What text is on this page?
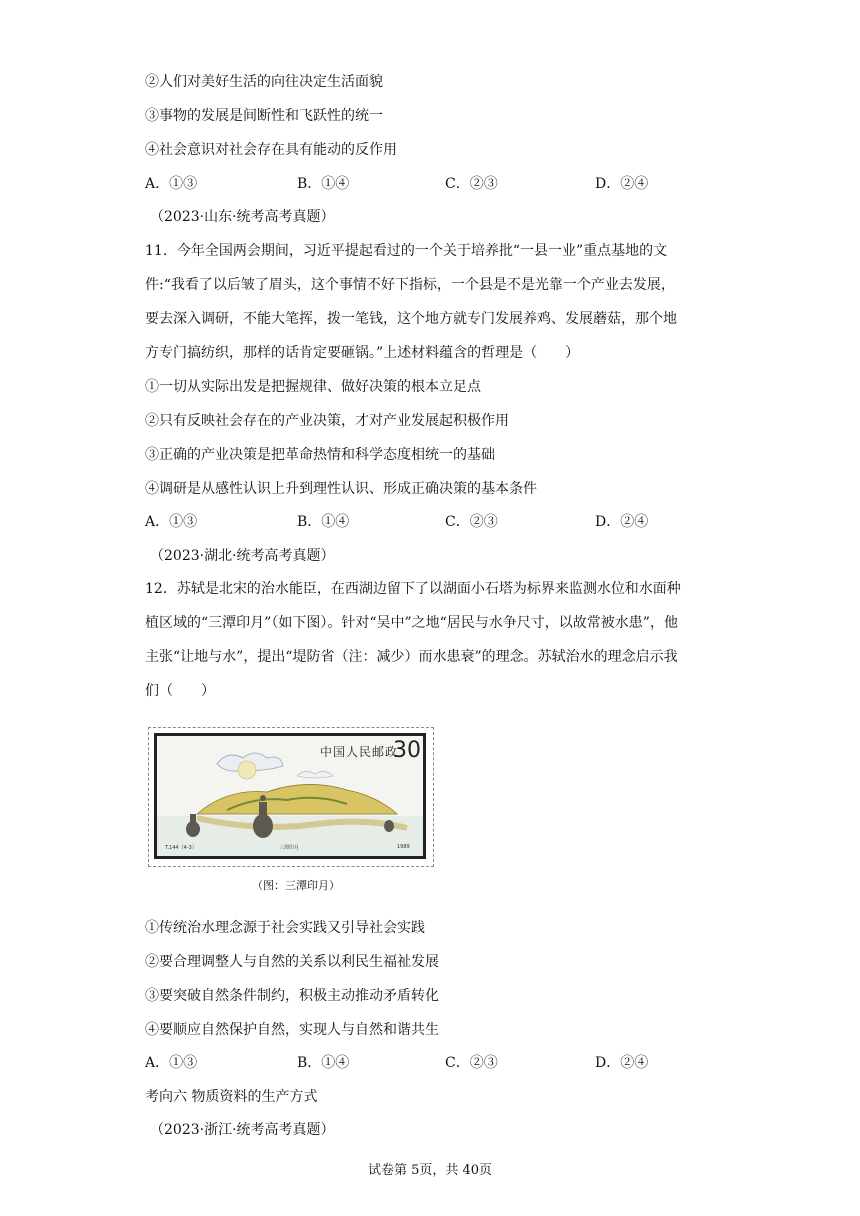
②人们对美好生活的向往决定生活面貌
③事物的发展是间断性和飞跃性的统一
④社会意识对社会存在具有能动的反作用
A．①③	B．①④	C．②③	D．②④
（2023·山东·统考高考真题）
11．今年全国两会期间，习近平提起看过的一个关于培养批“一县一业”重点基地的文
件:“我看了以后皱了眉头，这个事情不好下指标，一个县是不是光靠一个产业去发展，
要去深入调研，不能大笔挥，拨一笔钱，这个地方就专门发展养鸡、发展蘑菇，那个地
方专门搞纺织，那样的话肯定要砸锅。”上述材料蕴含的哲理是（　　）
①一切从实际出发是把握规律、做好决策的根本立足点
②只有反映社会存在的产业决策，才对产业发展起积极作用
③正确的产业决策是把革命热情和科学态度相统一的基础
④调研是从感性认识上升到理性认识、形成正确决策的基本条件
A．①③	B．①④	C．②③	D．②④
（2023·湖北·统考高考真题）
12．苏轼是北宋的治水能臣，在西湖边留下了以湖面小石塔为标界来监测水位和水面种
植区域的“三潭印月”（如下图）。针对“吴中”之地“居民与水争尺寸，以故常被水患”，他
主张“让地与水”，提出“堤防省（注：减少）而水患衰”的理念。苏轼治水的理念启示我
们（　　）
中国人民邮政
30
T.144（4-3）	三潭印月	1989
（图：三潭印月）
①传统治水理念源于社会实践又引导社会实践
②要合理调整人与自然的关系以利民生福祉发展
③要突破自然条件制约，积极主动推动矛盾转化
④要顺应自然保护自然，实现人与自然和谐共生
A．①③	B．①④	C．②③	D．②④
考向六 物质资料的生产方式
（2023·浙江·统考高考真题）
试卷第 5页，共 40页
